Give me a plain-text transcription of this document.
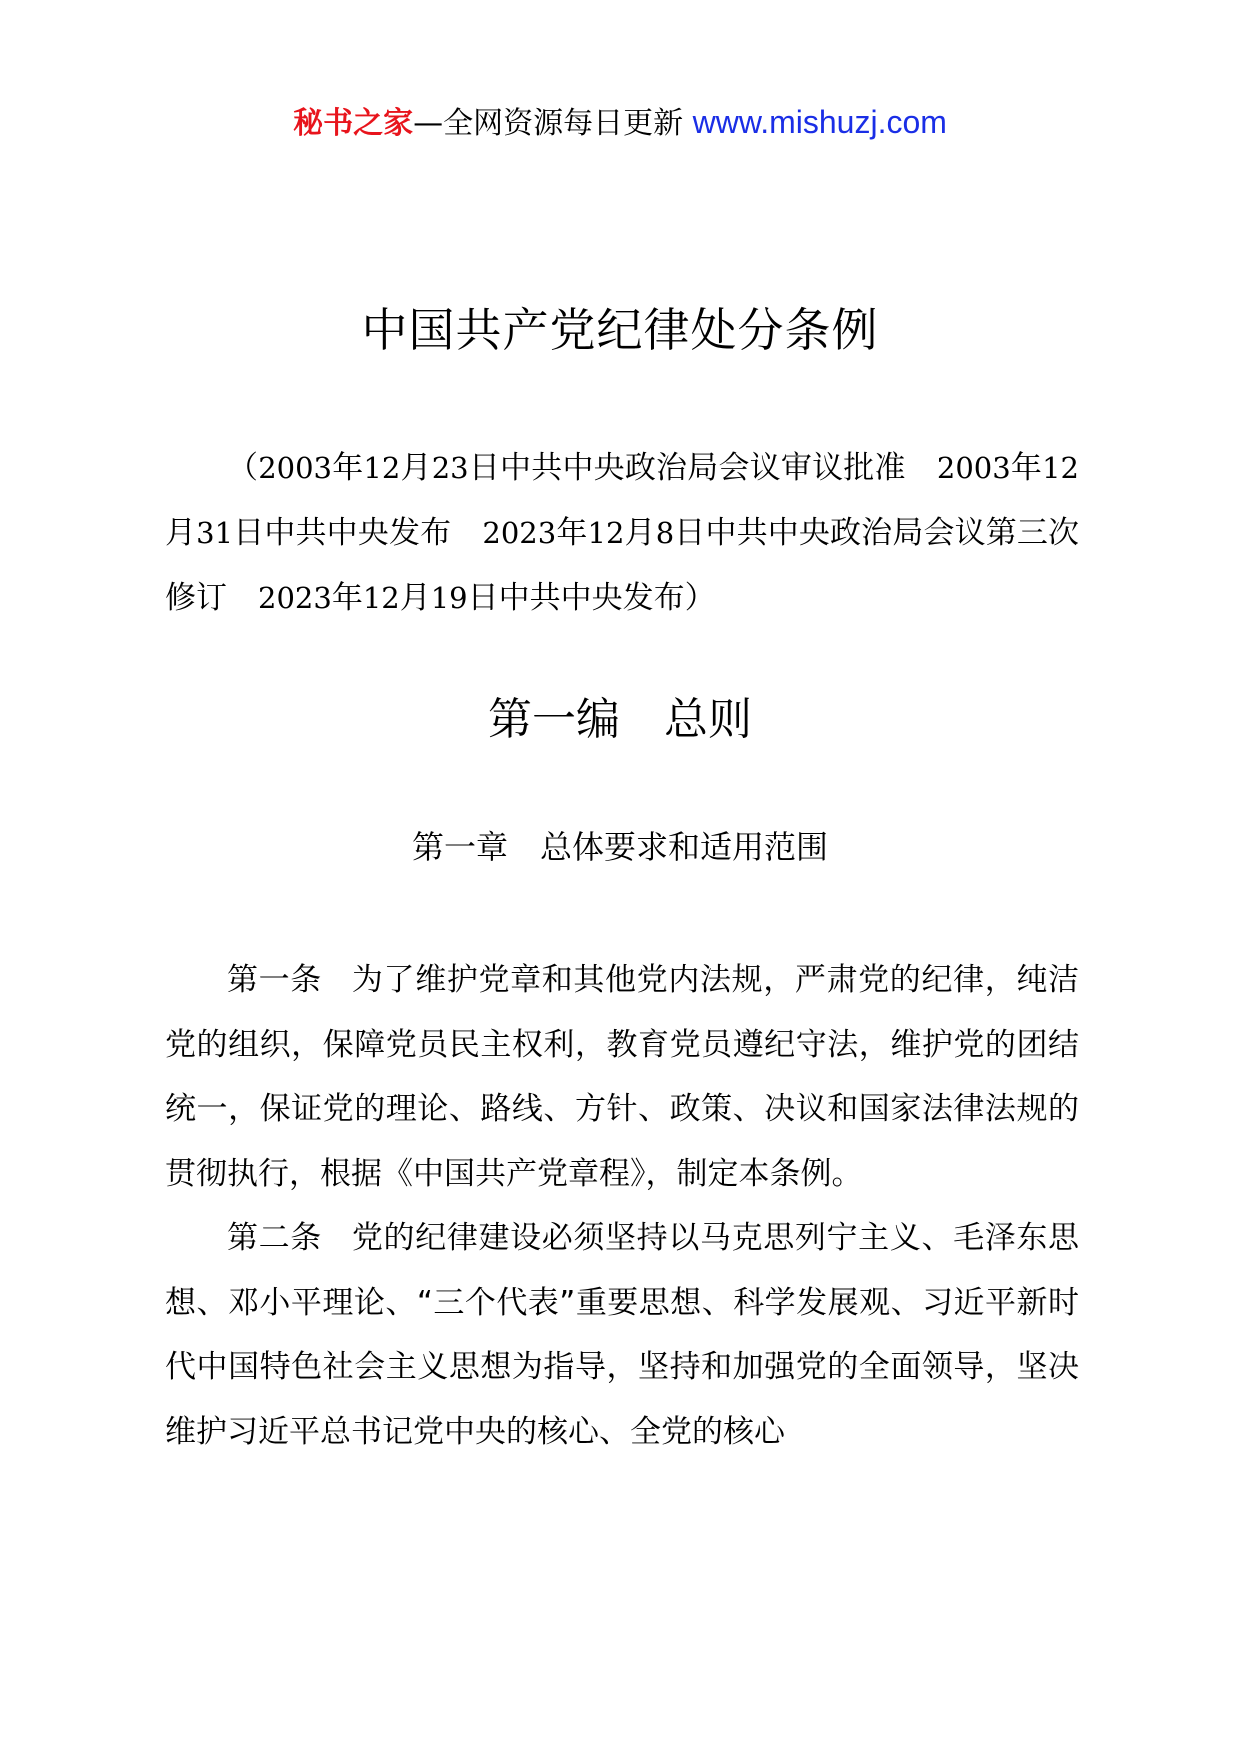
秘书之家—全网资源每日更新 www.mishuzj.com
中国共产党纪律处分条例
（2003年12月23日中共中央政治局会议审议批准　2003年12月31日中共中央发布　2023年12月8日中共中央政治局会议第三次修订　2023年12月19日中共中央发布）
第一编　总则
第一章　总体要求和适用范围

第一条 为了维护党章和其他党内法规，严肃党的纪律，纯洁党的组织，保障党员民主权利，教育党员遵纪守法，维护党的团结统一，保证党的理论、路线、方针、政策、决议和国家法律法规的贯彻执行，根据《中国共产党章程》，制定本条例。

第二条 党的纪律建设必须坚持以马克思列宁主义、毛泽东思想、邓小平理论、“三个代表”重要思想、科学发展观、习近平新时代中国特色社会主义思想为指导，坚持和加强党的全面领导，坚决维护习近平总书记党中央的核心、全党的核心
